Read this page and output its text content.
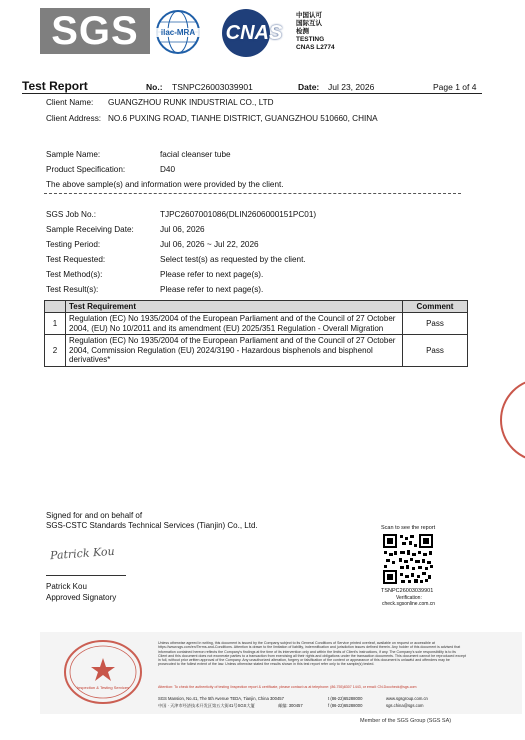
SGS	ilac-MRA	CNAS
中国认可
国际互认
检测
TESTING
CNAS L2774
Test Report	No.: TSNPC26003039901	Date: Jul 23, 2026	Page 1 of 4
Client Name: GUANGZHOU RUNK INDUSTRIAL CO., LTD
Client Address: NO.6 PUXING ROAD, TIANHE DISTRICT, GUANGZHOU 510660, CHINA
Sample Name:	facial cleanser tube
Product Specification:	D40
The above sample(s) and information were provided by the client.
SGS Job No.:	TJPC2607001086(DLIN2606000151PC01)
Sample Receiving Date:	Jul 06, 2026
Testing Period:	Jul 06, 2026 ~ Jul 22, 2026
Test Requested:	Select test(s) as requested by the client.
Test Method(s):	Please refer to next page(s).
Test Result(s):	Please refer to next page(s).
	Test Requirement	Comment
1	Regulation (EC) No 1935/2004 of the European Parliament and of the Council of 27 October 2004, (EU) No 10/2011 and its amendment (EU) 2025/351 Regulation - Overall Migration	Pass
2	Regulation (EC) No 1935/2004 of the European Parliament and of the Council of 27 October 2004, Commission Regulation (EU) 2024/3190 - Hazardous bisphenols and bisphenol derivatives*	Pass
Signed for and on behalf of
SGS-CSTC Standards Technical Services (Tianjin) Co., Ltd.
Patrick Kou
Patrick Kou
Approved Signatory
Scan to see the report
TSNPC26003039901
Verification:
check.sgsonline.com.cn
Inspection & Testing Services
Unless otherwise agreed in writing, this document is issued by the Company subject to its General Conditions of Service printed overleaf, available on request or accessible at https://www.sgs.com/en/Terms-and-Conditions. Attention is drawn to the limitation of liability, indemnification and jurisdiction issues defined therein. Any holder of this document is advised that information contained hereon reflects the Company's findings at the time of its intervention only and within the limits of Client's instructions, if any. The Company's sole responsibility is to its Client and this document does not exonerate parties to a transaction from exercising all their rights and obligations under the transaction documents. This document cannot be reproduced except in full, without prior written approval of the Company. Any unauthorized alteration, forgery or falsification of the content or appearance of this document is unlawful and offenders may be prosecuted to the fullest extent of the law. Unless otherwise stated the results shown in this test report refer only to the sample(s) tested.
Attention: To check the authenticity of testing /inspection report & certificate, please contact us at telephone: (86-755)8307 1443, or email: CN.Doccheck@sgs.com
SGS Mansion, No.41, The 5th Avenue TEDA, Tianjin, China 300457
中国 · 天津市经济技术开发区第五大街41号SGS大厦	邮编: 300457
t (86-22)65288000
f (86-22)65288000
www.sgsgroup.com.cn
sgs.china@sgs.com
Member of the SGS Group (SGS SA)
